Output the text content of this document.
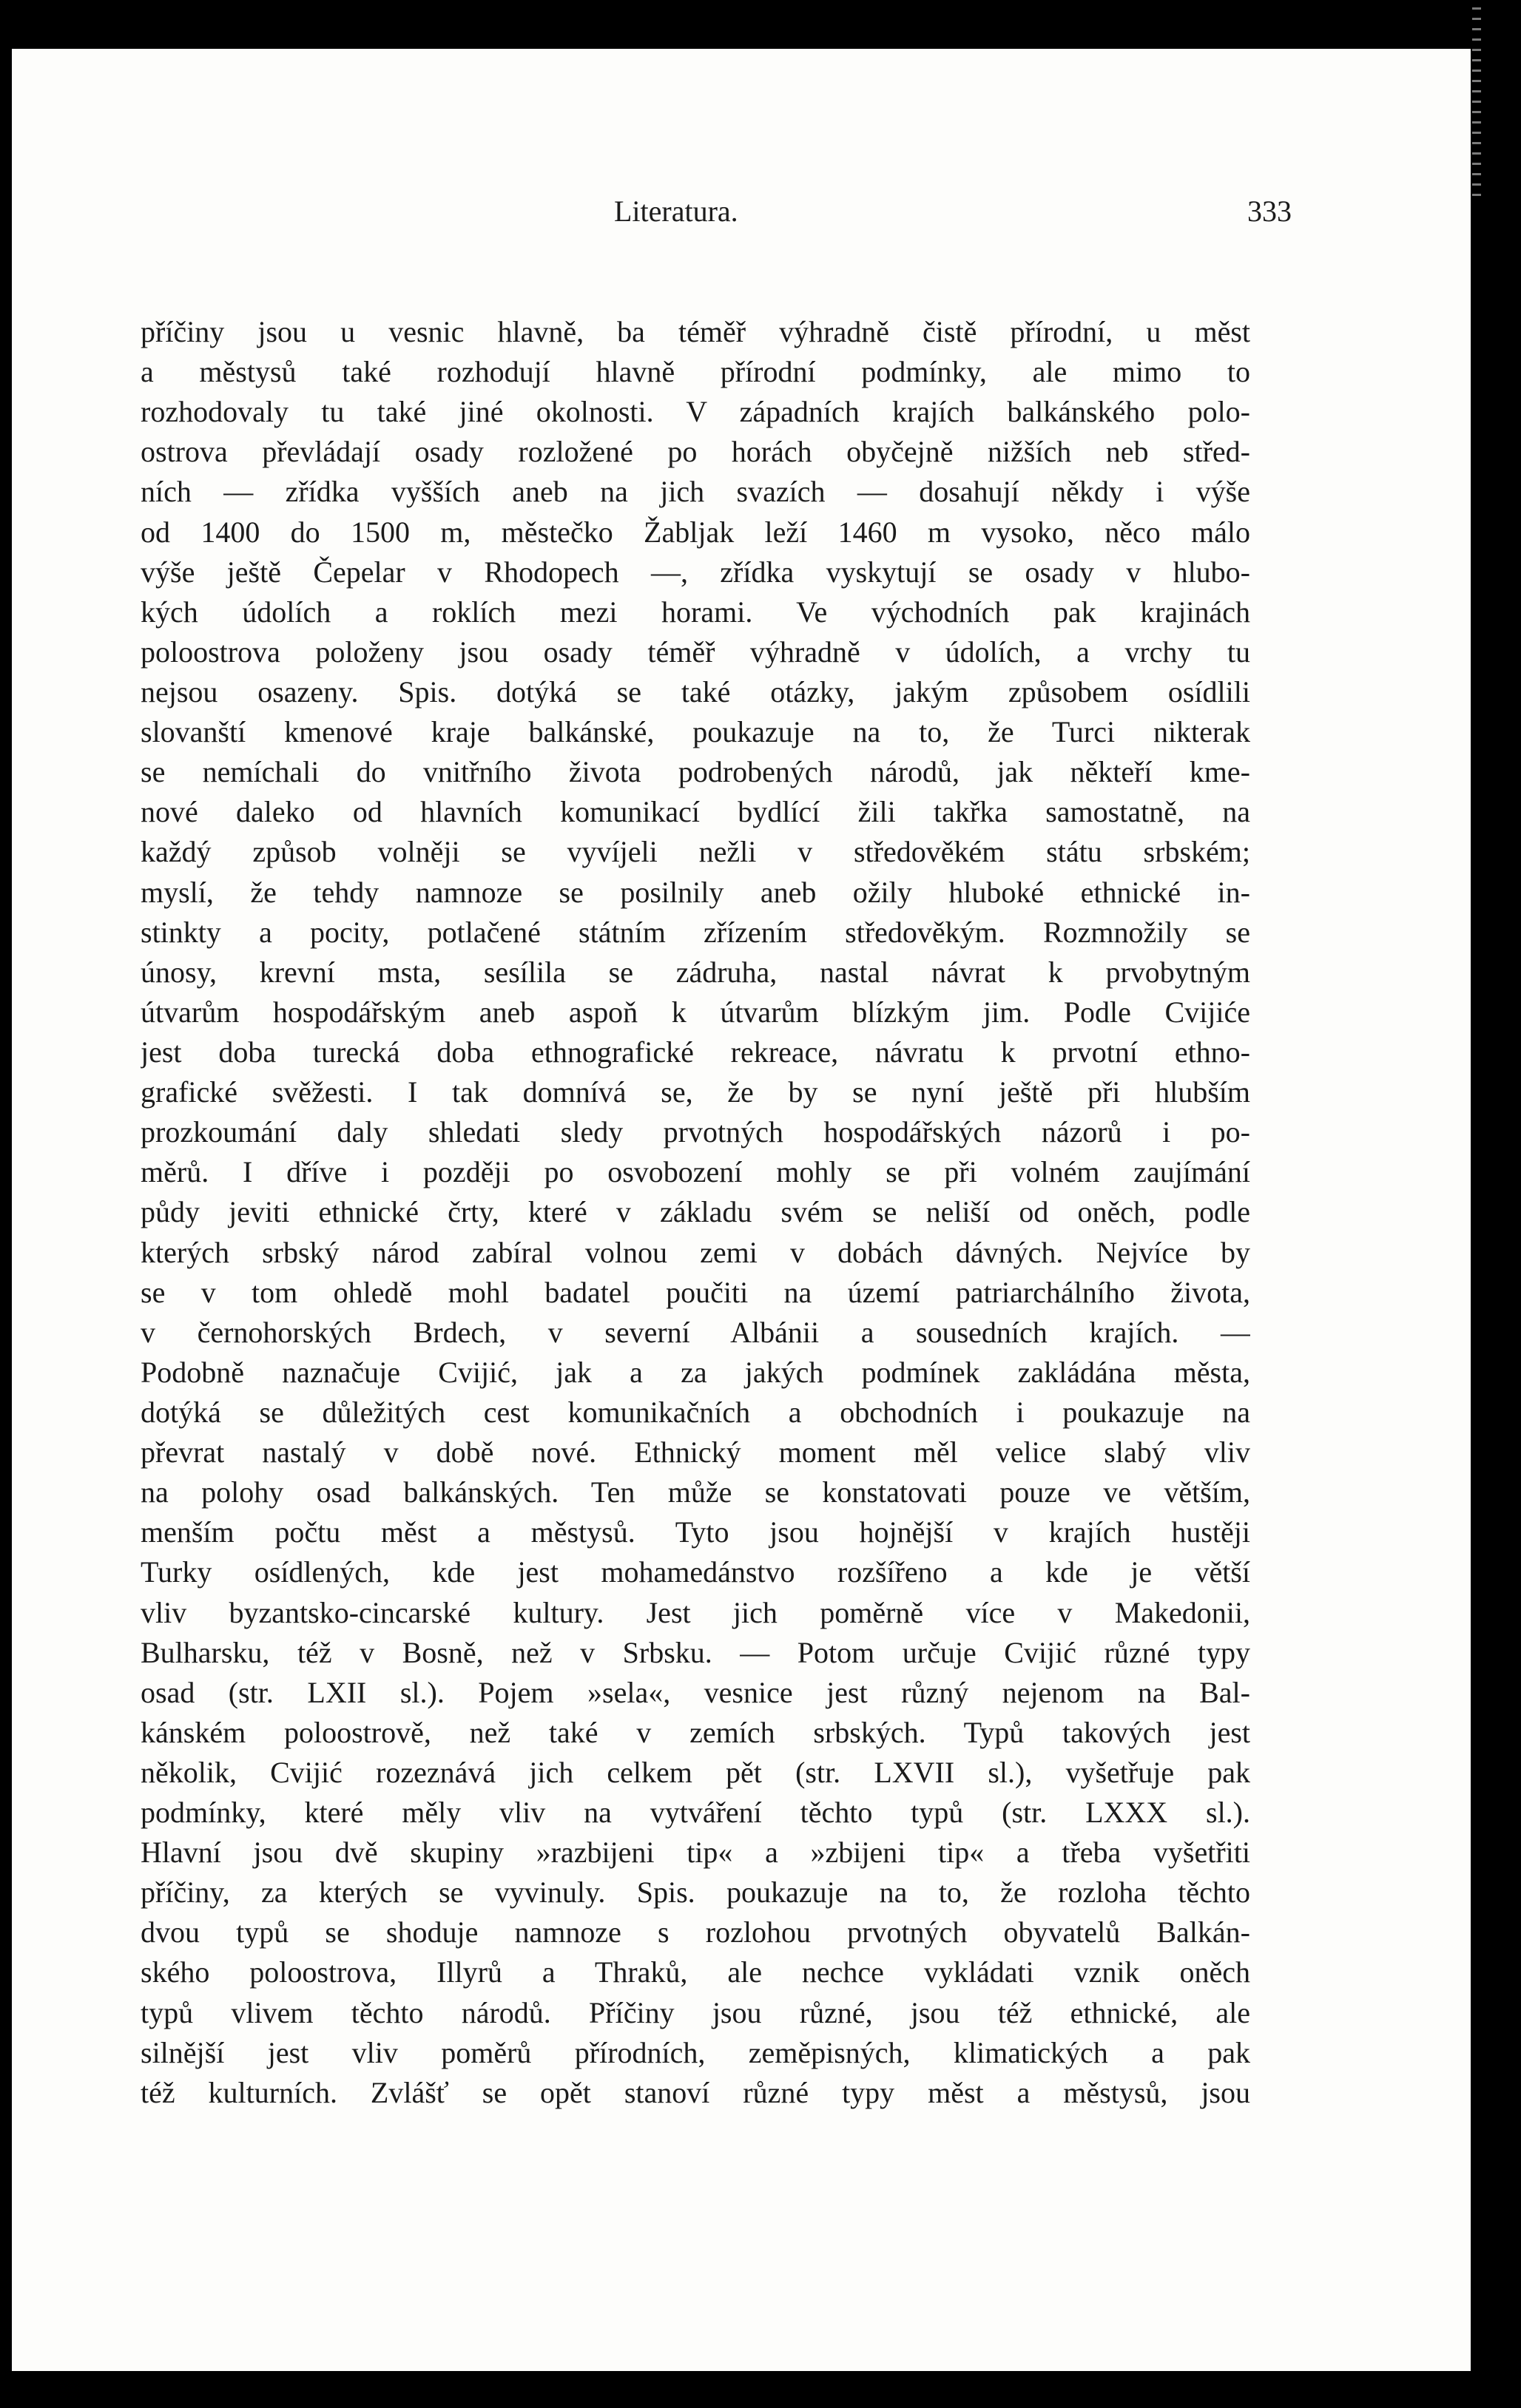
Literatura.	333
příčiny jsou u vesnic hlavně, ba téměř výhradně čistě přírodní, u měst
a městysů také rozhodují hlavně přírodní podmínky, ale mimo to
rozhodovaly tu také jiné okolnosti. V západních krajích balkánského polo-
ostrova převládají osady rozložené po horách obyčejně nižších neb střed-
ních — zřídka vyšších aneb na jich svazích — dosahují někdy i výše
od 1400 do 1500 m, městečko Žabljak leží 1460 m vysoko, něco málo
výše ještě Čepelar v Rhodopech —, zřídka vyskytují se osady v hlubo-
kých údolích a roklích mezi horami. Ve východních pak krajinách
poloostrova položeny jsou osady téměř výhradně v údolích, a vrchy tu
nejsou osazeny. Spis. dotýká se také otázky, jakým způsobem osídlili
slovanští kmenové kraje balkánské, poukazuje na to, že Turci nikterak
se nemíchali do vnitřního života podrobených národů, jak někteří kme-
nové daleko od hlavních komunikací bydlící žili takřka samostatně, na
každý způsob volněji se vyvíjeli nežli v středověkém státu srbském;
myslí, že tehdy namnoze se posilnily aneb ožily hluboké ethnické in-
stinkty a pocity, potlačené státním zřízením středověkým. Rozmnožily se
únosy, krevní msta, sesílila se zádruha, nastal návrat k prvobytným
útvarům hospodářským aneb aspoň k útvarům blízkým jim. Podle Cvijiće
jest doba turecká doba ethnografické rekreace, návratu k prvotní ethno-
grafické svěžesti. I tak domnívá se, že by se nyní ještě při hlubším
prozkoumání daly shledati sledy prvotných hospodářských názorů i po-
měrů. I dříve i později po osvobození mohly se při volném zaujímání
půdy jeviti ethnické črty, které v základu svém se neliší od oněch, podle
kterých srbský národ zabíral volnou zemi v dobách dávných. Nejvíce by
se v tom ohledě mohl badatel poučiti na území patriarchálního života,
v černohorských Brdech, v severní Albánii a sousedních krajích. —
Podobně naznačuje Cvijić, jak a za jakých podmínek zakládána města,
dotýká se důležitých cest komunikačních a obchodních i poukazuje na
převrat nastalý v době nové. Ethnický moment měl velice slabý vliv
na polohy osad balkánských. Ten může se konstatovati pouze ve větším,
menším počtu měst a městysů. Tyto jsou hojnější v krajích hustěji
Turky osídlených, kde jest mohamedánstvo rozšířeno a kde je větší
vliv byzantsko-cincarské kultury. Jest jich poměrně více v Makedonii,
Bulharsku, též v Bosně, než v Srbsku. — Potom určuje Cvijić různé typy
osad (str. LXII sl.). Pojem »sela«, vesnice jest různý nejenom na Bal-
kánském poloostrově, než také v zemích srbských. Typů takových jest
několik, Cvijić rozeznává jich celkem pět (str. LXVII sl.), vyšetřuje pak
podmínky, které měly vliv na vytváření těchto typů (str. LXXX sl.).
Hlavní jsou dvě skupiny »razbijeni tip« a »zbijeni tip« a třeba vyšetřiti
příčiny, za kterých se vyvinuly. Spis. poukazuje na to, že rozloha těchto
dvou typů se shoduje namnoze s rozlohou prvotných obyvatelů Balkán-
ského poloostrova, Illyrů a Thraků, ale nechce vykládati vznik oněch
typů vlivem těchto národů. Příčiny jsou různé, jsou též ethnické, ale
silnější jest vliv poměrů přírodních, zeměpisných, klimatických a pak
též kulturních. Zvlášť se opět stanoví různé typy měst a městysů, jsou
